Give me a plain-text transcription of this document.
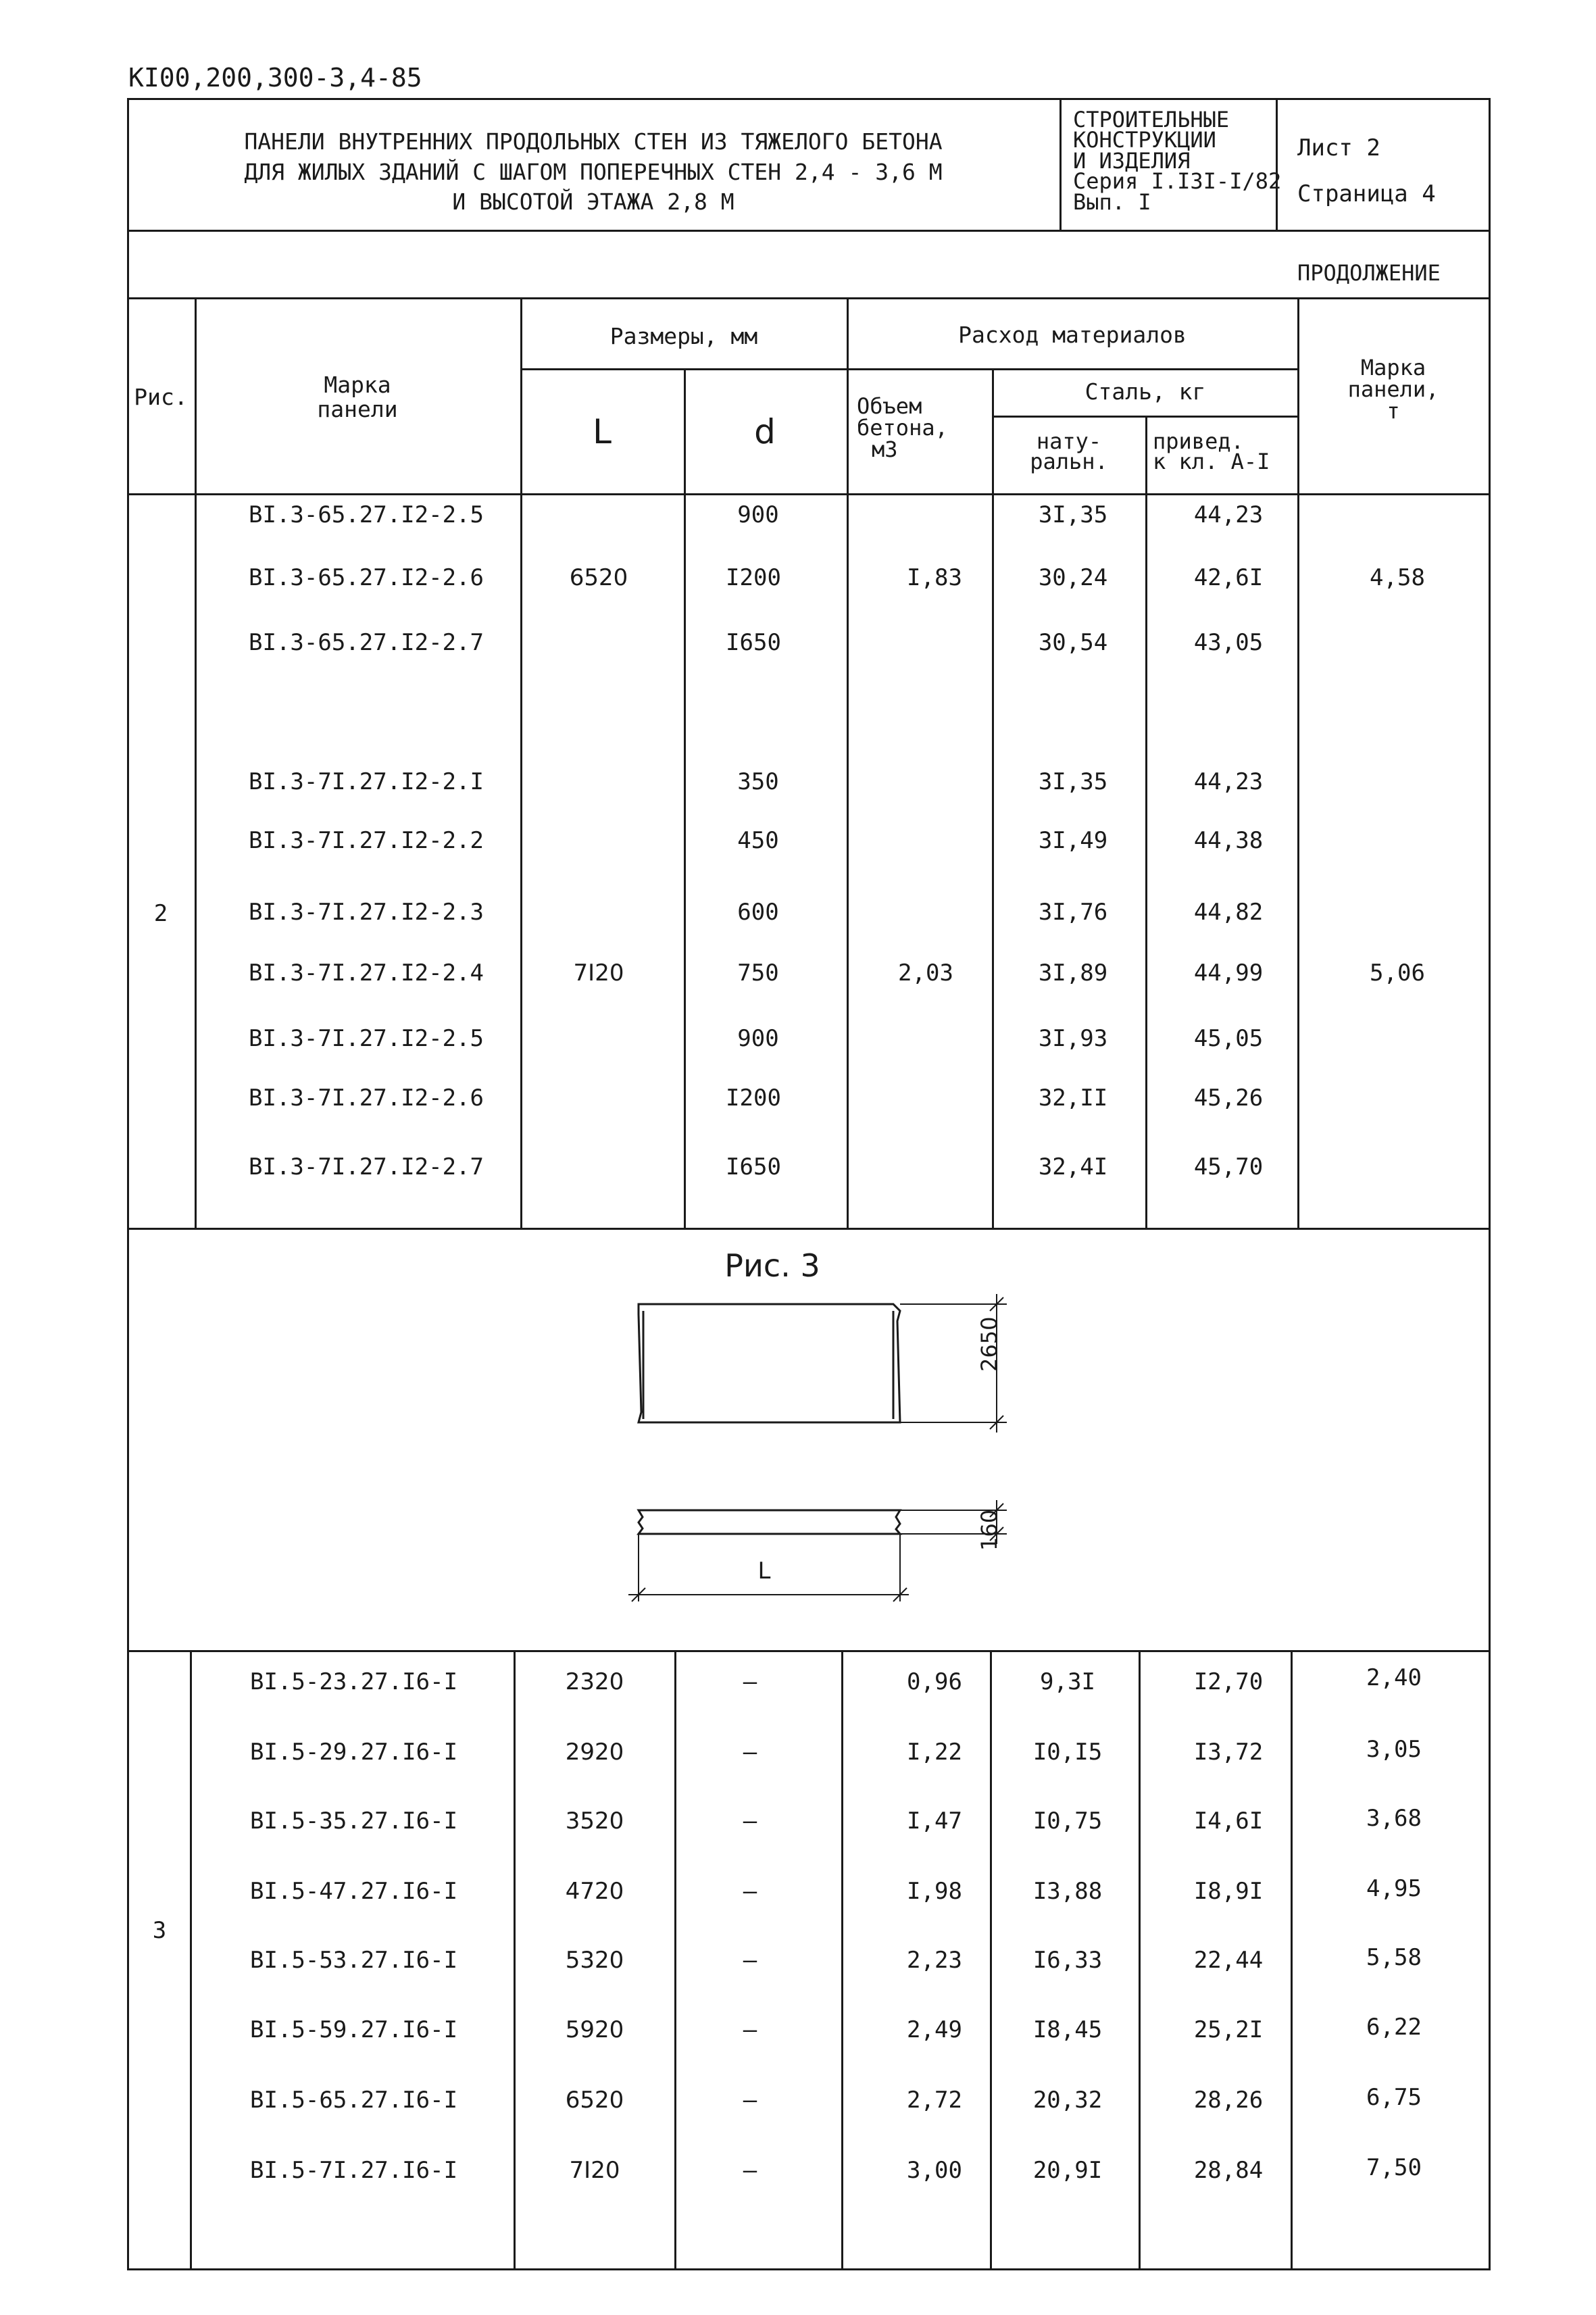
KI00,200,300-3,4-85
ПАНЕЛИ ВНУТРЕННИХ ПРОДОЛЬНЫХ СТЕН ИЗ ТЯЖЕЛОГО БЕТОНА
ДЛЯ ЖИЛЫХ ЗДАНИЙ С ШАГОМ ПОПЕРЕЧНЫХ СТЕН 2,4 - 3,6 М
И ВЫСОТОЙ ЭТАЖА 2,8 М
СТРОИТЕЛЬНЫЕ
КОНСТРУКЦИИ
И ИЗДЕЛИЯ
Серия I.I3I-I/82
Вып. I
Лист 2
Страница 4
ПРОДОЛЖЕНИЕ
Рис.	Марка
панели
Размеры, мм
L	d
Расход материалов
Объем
бетона,
м3
Сталь, кг
нату-
ральн.
привед.
к кл. А-I
Марка
панели,
т
2
BI.3-65.27.I2-2.5
BI.3-65.27.I2-2.6
BI.3-65.27.I2-2.7
6520
900
I200
I650
I,83
3I,35
30,24
30,54
44,23
42,6I
43,05
4,58
BI.3-7I.27.I2-2.I
BI.3-7I.27.I2-2.2
BI.3-7I.27.I2-2.3
BI.3-7I.27.I2-2.4
BI.3-7I.27.I2-2.5
BI.3-7I.27.I2-2.6
BI.3-7I.27.I2-2.7
7I20
350
450
600
750
900
I200
I650
2,03
3I,35
3I,49
3I,76
3I,89
3I,93
32,II
32,4I
44,23
44,38
44,82
44,99
45,05
45,26
45,70
5,06
Рис. 3
2650
160
L
3
BI.5-23.27.I6-I
BI.5-29.27.I6-I
BI.5-35.27.I6-I
BI.5-47.27.I6-I
BI.5-53.27.I6-I
BI.5-59.27.I6-I
BI.5-65.27.I6-I
BI.5-7I.27.I6-I
2320
2920
3520
4720
5320
5920
6520
7I20
–
–
–
–
–
–
–
–
0,96
I,22
I,47
I,98
2,23
2,49
2,72
3,00
9,3I
I0,I5
I0,75
I3,88
I6,33
I8,45
20,32
20,9I
I2,70
I3,72
I4,6I
I8,9I
22,44
25,2I
28,26
28,84
2,40
3,05
3,68
4,95
5,58
6,22
6,75
7,50
